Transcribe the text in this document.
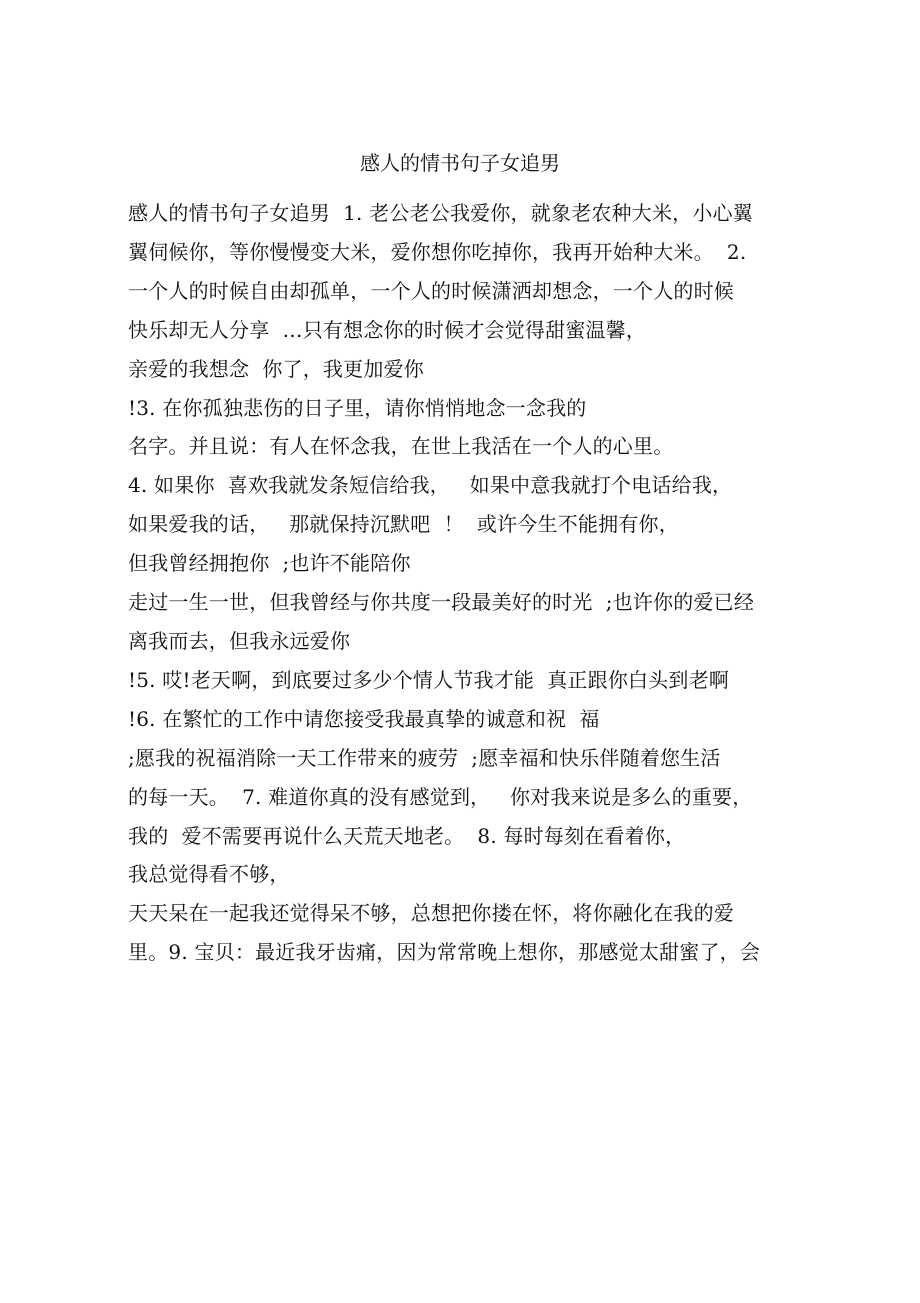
感人的情书句子女追男
感人的情书句子女追男  1. 老公老公我爱你，就象老农种大米，小心翼
翼伺候你，等你慢慢变大米，爱你想你吃掉你，我再开始种大米。  2.
一个人的时候自由却孤单，一个人的时候潇洒却想念，一个人的时候
快乐却无人分享  …只有想念你的时候才会觉得甜蜜温馨，
亲爱的我想念  你了，我更加爱你
!3. 在你孤独悲伤的日子里，请你悄悄地念一念我的
名字。并且说：有人在怀念我，在世上我活在一个人的心里。
4. 如果你  喜欢我就发条短信给我，   如果中意我就打个电话给我，
如果爱我的话，   那就保持沉默吧  ！  或许今生不能拥有你，
但我曾经拥抱你  ;也许不能陪你
走过一生一世，但我曾经与你共度一段最美好的时光  ;也许你的爱已经
离我而去，但我永远爱你
!5. 哎!老天啊，到底要过多少个情人节我才能  真正跟你白头到老啊
!6. 在繁忙的工作中请您接受我最真挚的诚意和祝  福
;愿我的祝福消除一天工作带来的疲劳  ;愿幸福和快乐伴随着您生活
的每一天。  7. 难道你真的没有感觉到，   你对我来说是多么的重要，
我的  爱不需要再说什么天荒天地老。  8. 每时每刻在看着你，
我总觉得看不够，
天天呆在一起我还觉得呆不够，总想把你搂在怀，将你融化在我的爱
里。9. 宝贝：最近我牙齿痛，因为常常晚上想你，那感觉太甜蜜了，会
